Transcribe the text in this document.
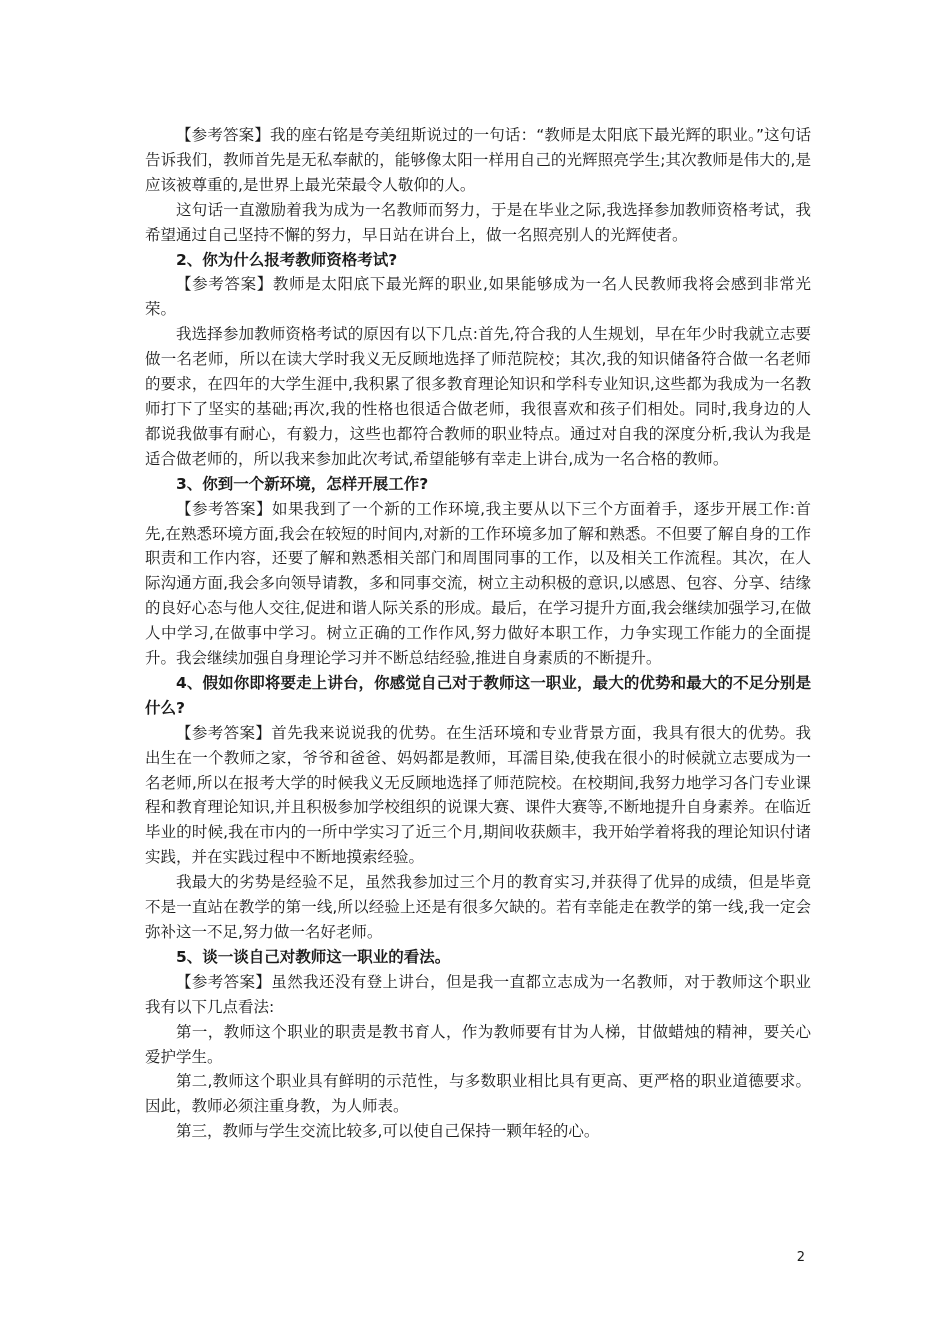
【参考答案】我的座右铭是夸美纽斯说过的一句话：“教师是太阳底下最光辉的职业。”这句话告诉我们，教师首先是无私奉献的，能够像太阳一样用自己的光辉照亮学生;其次教师是伟大的,是应该被尊重的,是世界上最光荣最令人敬仰的人。

这句话一直激励着我为成为一名教师而努力，于是在毕业之际,我选择参加教师资格考试，我希望通过自己坚持不懈的努力，早日站在讲台上，做一名照亮别人的光辉使者。

2、你为什么报考教师资格考试?

【参考答案】教师是太阳底下最光辉的职业,如果能够成为一名人民教师我将会感到非常光荣。

我选择参加教师资格考试的原因有以下几点:首先,符合我的人生规划，早在年少时我就立志要做一名老师，所以在读大学时我义无反顾地选择了师范院校；其次,我的知识储备符合做一名老师的要求，在四年的大学生涯中,我积累了很多教育理论知识和学科专业知识,这些都为我成为一名教师打下了坚实的基础;再次,我的性格也很适合做老师，我很喜欢和孩子们相处。同时,我身边的人都说我做事有耐心，有毅力，这些也都符合教师的职业特点。通过对自我的深度分析,我认为我是适合做老师的，所以我来参加此次考试,希望能够有幸走上讲台,成为一名合格的教师。

3、你到一个新环境，怎样开展工作?

【参考答案】如果我到了一个新的工作环境,我主要从以下三个方面着手，逐步开展工作:首先,在熟悉环境方面,我会在较短的时间内,对新的工作环境多加了解和熟悉。不但要了解自身的工作职责和工作内容，还要了解和熟悉相关部门和周围同事的工作，以及相关工作流程。其次，在人际沟通方面,我会多向领导请教，多和同事交流，树立主动积极的意识,以感恩、包容、分享、结缘的良好心态与他人交往,促进和谐人际关系的形成。最后，在学习提升方面,我会继续加强学习,在做人中学习,在做事中学习。树立正确的工作作风,努力做好本职工作，力争实现工作能力的全面提升。我会继续加强自身理论学习并不断总结经验,推进自身素质的不断提升。

4、假如你即将要走上讲台，你感觉自己对于教师这一职业，最大的优势和最大的不足分别是什么?

【参考答案】首先我来说说我的优势。在生活环境和专业背景方面，我具有很大的优势。我出生在一个教师之家，爷爷和爸爸、妈妈都是教师，耳濡目染,使我在很小的时候就立志要成为一名老师,所以在报考大学的时候我义无反顾地选择了师范院校。在校期间,我努力地学习各门专业课程和教育理论知识,并且积极参加学校组织的说课大赛、课件大赛等,不断地提升自身素养。在临近毕业的时候,我在市内的一所中学实习了近三个月,期间收获颇丰，我开始学着将我的理论知识付诸实践，并在实践过程中不断地摸索经验。

我最大的劣势是经验不足，虽然我参加过三个月的教育实习,并获得了优异的成绩，但是毕竟不是一直站在教学的第一线,所以经验上还是有很多欠缺的。若有幸能走在教学的第一线,我一定会弥补这一不足,努力做一名好老师。

5、谈一谈自己对教师这一职业的看法。

【参考答案】虽然我还没有登上讲台，但是我一直都立志成为一名教师，对于教师这个职业我有以下几点看法:

第一，教师这个职业的职责是教书育人，作为教师要有甘为人梯，甘做蜡烛的精神，要关心爱护学生。

第二,教师这个职业具有鲜明的示范性，与多数职业相比具有更高、更严格的职业道德要求。因此，教师必须注重身教，为人师表。

第三，教师与学生交流比较多,可以使自己保持一颗年轻的心。

2
